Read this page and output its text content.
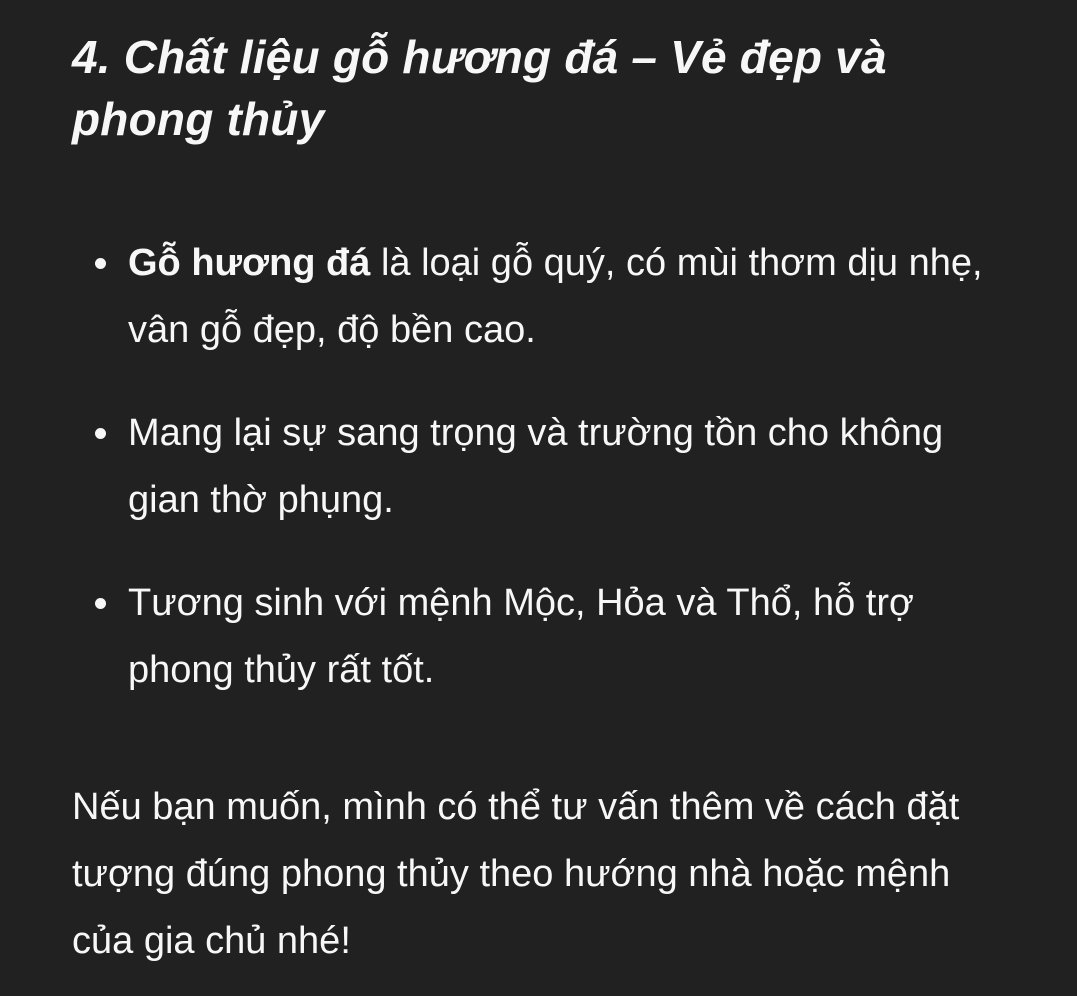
4. Chất liệu gỗ hương đá – Vẻ đẹp và phong thủy
Gỗ hương đá là loại gỗ quý, có mùi thơm dịu nhẹ, vân gỗ đẹp, độ bền cao.
Mang lại sự sang trọng và trường tồn cho không gian thờ phụng.
Tương sinh với mệnh Mộc, Hỏa và Thổ, hỗ trợ phong thủy rất tốt.

Nếu bạn muốn, mình có thể tư vấn thêm về cách đặt tượng đúng phong thủy theo hướng nhà hoặc mệnh của gia chủ nhé!
